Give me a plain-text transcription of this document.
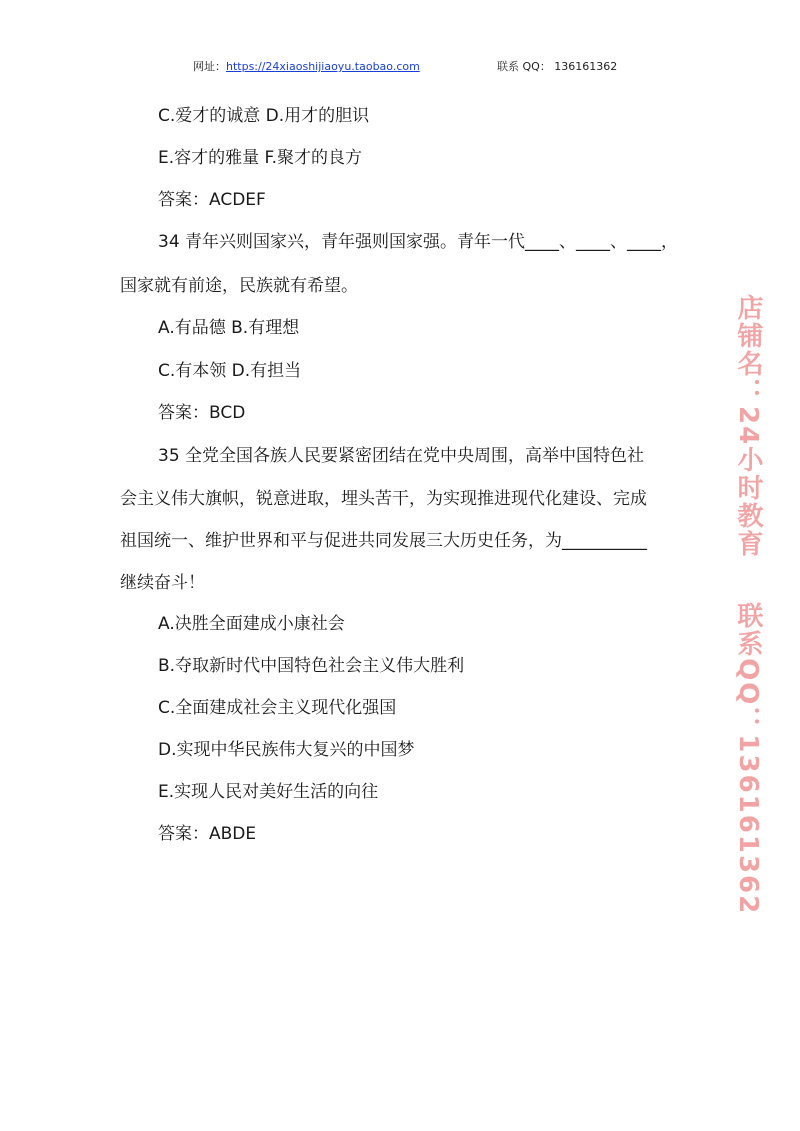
网址：https://24xiaoshijiaoyu.taobao.com	联系 QQ： 136161362
C.爱才的诚意 D.用才的胆识
E.容才的雅量 F.聚才的良方
答案：ACDEF
34 青年兴则国家兴，青年强则国家强。青年一代____、____、____，
国家就有前途，民族就有希望。
A.有品德 B.有理想
C.有本领 D.有担当
答案：BCD
35 全党全国各族人民要紧密团结在党中央周围，高举中国特色社
会主义伟大旗帜，锐意进取，埋头苦干，为实现推进现代化建设、完成
祖国统一、维护世界和平与促进共同发展三大历史任务，为__________
继续奋斗！
A.决胜全面建成小康社会
B.夺取新时代中国特色社会主义伟大胜利
C.全面建成社会主义现代化强国
D.实现中华民族伟大复兴的中国梦
E.实现人民对美好生活的向往
答案：ABDE
店铺名：24小时教育联系QQ：136161362
